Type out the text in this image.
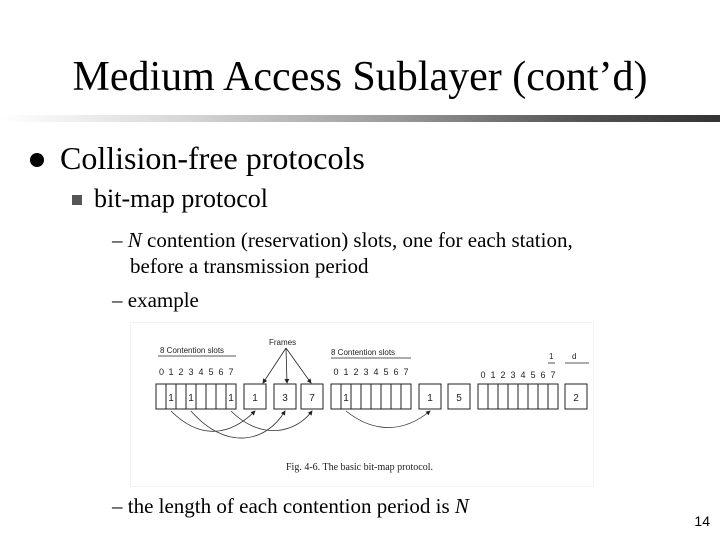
Medium Access Sublayer (cont’d)
Collision-free protocols
bit-map protocol
– N contention (reservation) slots, one for each station,
before a transmission period
– example
8 Contention slots
Frames
8 Contention slots	1 d
0 1 2 3 4 5 6 7	0 1 2 3 4 5 6 7	0 1 2 3 4 5 6 7
1 1	1 1 3 7	1	1 5	2
Fig. 4-6. The basic bit-map protocol.
– the length of each contention period is N
14
